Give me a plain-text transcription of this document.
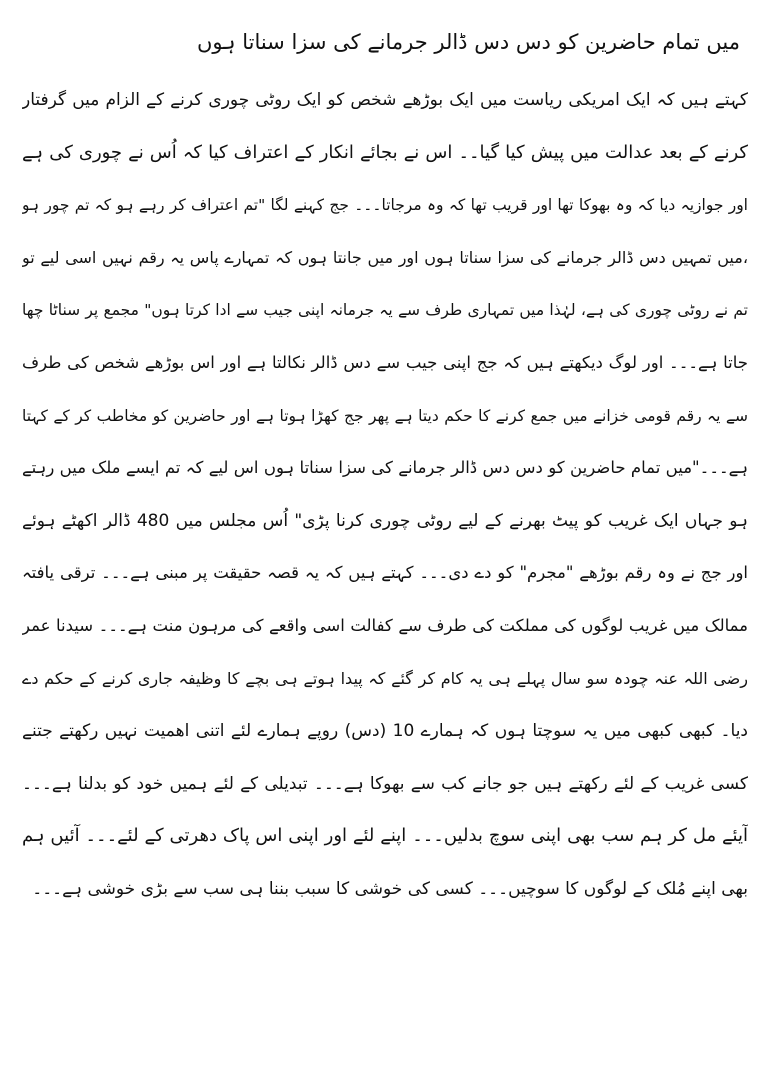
میں تمام حاضرین کو دس دس ڈالر جرمانے کی سزا سناتا ہوں
کہتے ہیں کہ ایک امریکی ریاست میں ایک بوڑھے شخص کو ایک روٹی چوری کرنے کے الزام میں گرفتار
کرنے کے بعد عدالت میں پیش کیا گیا۔۔ اس نے بجائے انکار کے اعتراف کیا کہ اُس نے چوری کی ہے
اور جوازیہ دیا کہ وہ بھوکا تھا اور قریب تھا کہ وہ مرجاتا۔۔۔ جج کہنے لگا "تم اعتراف کر رہے ہو کہ تم چور ہو
،میں تمہیں دس ڈالر جرمانے کی سزا سناتا ہوں اور میں جانتا ہوں کہ تمہارے پاس یہ رقم نہیں اسی لیے تو
تم نے روٹی چوری کی ہے، لہٰذا میں تمہاری طرف سے یہ جرمانہ اپنی جیب سے ادا کرتا ہوں" مجمع پر سناٹا چھا
جاتا ہے۔۔۔ اور لوگ دیکھتے ہیں کہ جج اپنی جیب سے دس ڈالر نکالتا ہے اور اس بوڑھے شخص کی طرف
سے یہ رقم قومی خزانے میں جمع کرنے کا حکم دیتا ہے پھر جج کھڑا ہوتا ہے اور حاضرین کو مخاطب کر کے کہتا
ہے۔۔۔"میں تمام حاضرین کو دس دس ڈالر جرمانے کی سزا سناتا ہوں اس لیے کہ تم ایسے ملک میں رہتے
ہو جہاں ایک غریب کو پیٹ بھرنے کے لیے روٹی چوری کرنا پڑی" اُس مجلس میں 480 ڈالر اکھٹے ہوئے
اور جج نے وہ رقم بوڑھے "مجرم" کو دے دی۔۔۔ کہتے ہیں کہ یہ قصہ حقیقت پر مبنی ہے۔۔۔ ترقی یافتہ
ممالک میں غریب لوگوں کی مملکت کی طرف سے کفالت اسی واقعے کی مرہون منت ہے۔۔۔ سیدنا عمر
رضی اللہ عنہ چودہ سو سال پہلے ہی یہ کام کر گئے کہ پیدا ہوتے ہی بچے کا وظیفہ جاری کرنے کے حکم دے
دیا۔ کبھی کبھی میں یہ سوچتا ہوں کہ ہمارے 10 (دس) روپے ہمارے لئے اتنی اھمیت نہیں رکھتے جتنے
کسی غریب کے لئے رکھتے ہیں جو جانے کب سے بھوکا ہے۔۔۔ تبدیلی کے لئے ہمیں خود کو بدلنا ہے۔۔۔
آیئے مل کر ہم سب بھی اپنی سوچ بدلیں۔۔۔ اپنے لئے اور اپنی اس پاک دھرتی کے لئے۔۔۔ آئیں ہم
بھی اپنے مُلک کے لوگوں کا سوچیں۔۔۔ کسی کی خوشی کا سبب بننا ہی سب سے بڑی خوشی ہے۔۔۔
